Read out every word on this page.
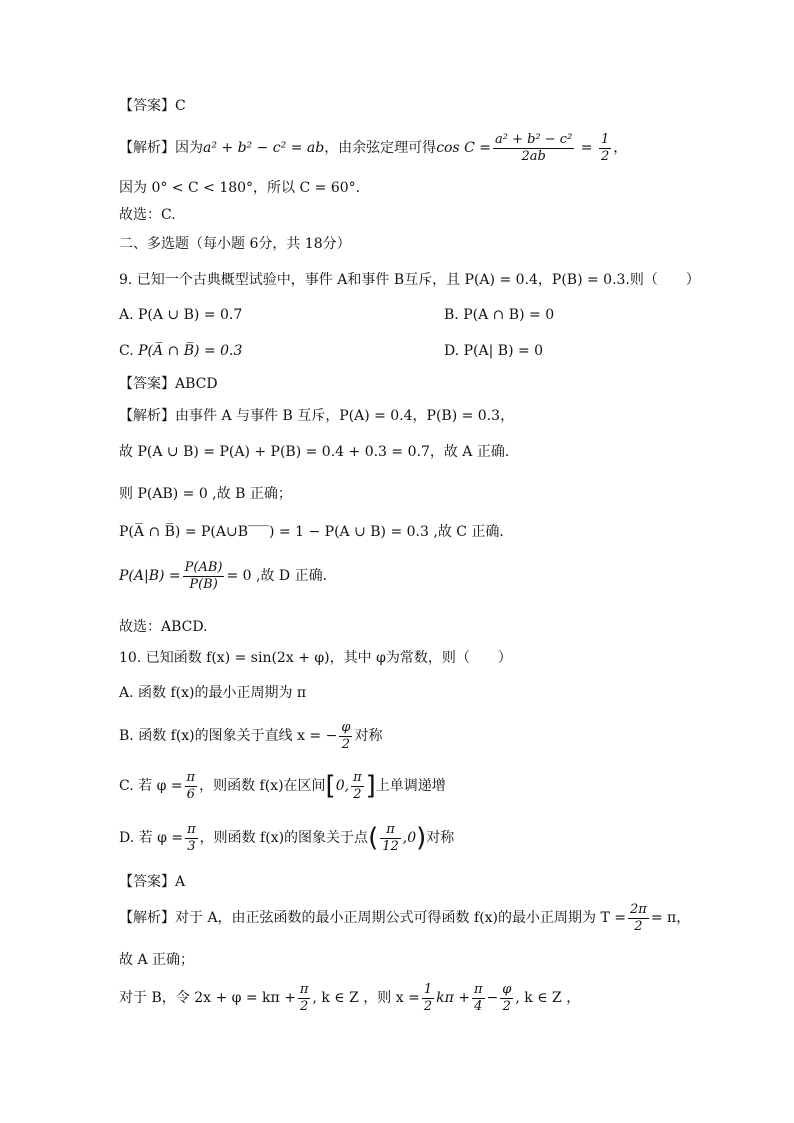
【答案】C
【解析】因为a² + b² − c² = ab，由余弦定理可得$\cos C = \frac{\text{a² + b² − c²}}{2ab} = \frac{1}{2}$ ，
因为 0° < C < 180°，所以 C = 60°.
故选：C.
二、多选题（每小题 6分，共 18分）
9. 已知一个古典概型试验中，事件 A和事件 B互斥，且 P(A) = 0.4，P(B) = 0.3.则（　　）
A. P(A ∪ B) = 0.7	B. P(A ∩ B) = 0
C. P(A̅ ∩ B̅) = 0.3	D. P(A| B) = 0
【答案】ABCD
【解析】由事件 A 与事件 B 互斥，P(A) = 0.4，P(B) = 0.3，
故 P(A ∪ B) = P(A) + P(B) = 0.4 + 0.3 = 0.7，故 A 正确.
则 P(AB) = 0 ,故 B 正确；
P(A̅ ∩ B̅) = P(A∪B‾‾‾) = 1 − P(A ∪ B) = 0.3 ,故 C 正确.
$P(A|B) = \frac{P(AB)}{P(B)} = 0$ ,故 D 正确.
故选：ABCD.
10. 已知函数 f(x) = sin(2x + φ)，其中 φ为常数，则（　　）
A. 函数 f(x)的最小正周期为 π
B. 函数 f(x)的图象关于直线 x = − $\frac{\varphi}{2}$ 对称
C. 若 $\varphi = \frac{\pi}{6}$ ，则函数 f(x)在区间[0, $\frac{\pi}{2}$ ]上单调递增
D. 若 $\varphi = \frac{\pi}{3}$ ，则函数 f(x)的图象关于点( $\frac{\pi}{12} ,0$)对称
【答案】A
【解析】对于 A，由正弦函数的最小正周期公式可得函数 f(x)的最小正周期为 $T = \frac{2\pi}{2} = \pi$，
故 A 正确；
对于 B，令 $2x + \varphi = k\pi + \frac{\pi}{2}$ , k ∈ Z ，则 $x = \frac{1}{2}$ $k\pi + \frac{\pi}{4} - \frac{\varphi}{2}$ , k ∈ Z ，
